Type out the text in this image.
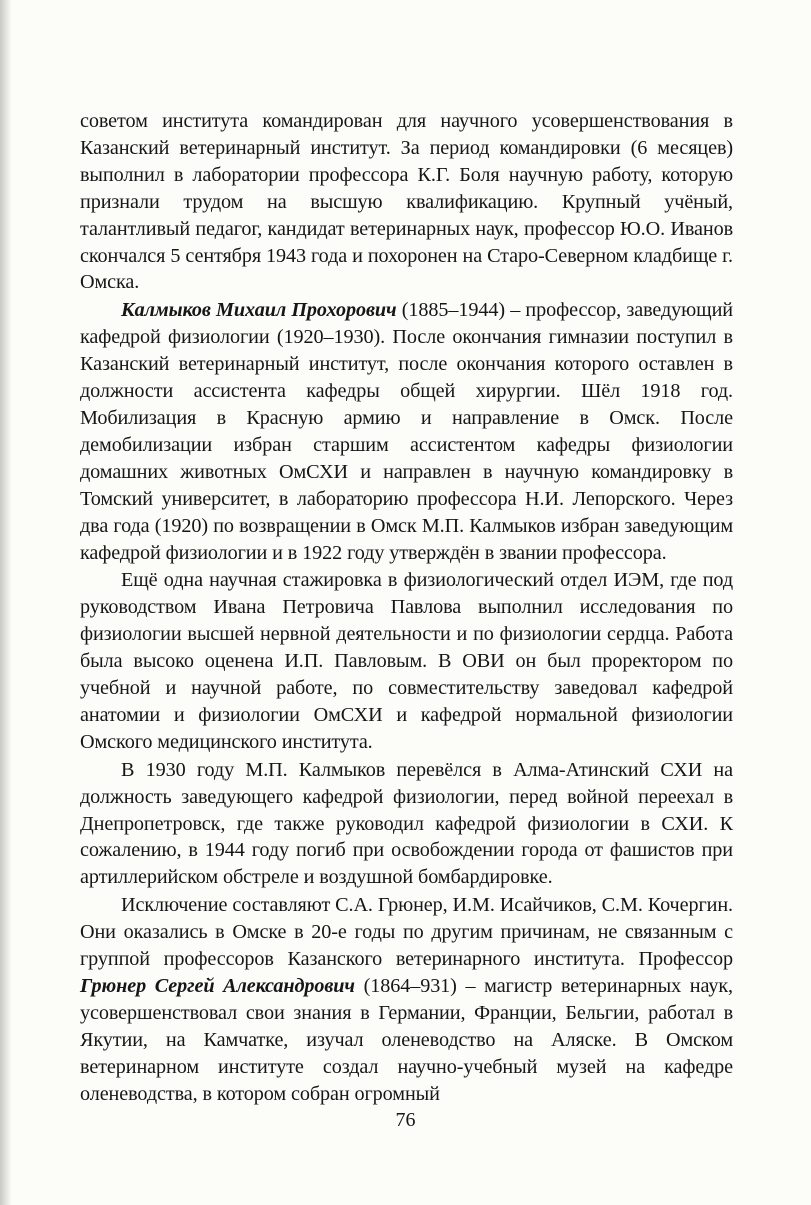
советом института командирован для научного усовершенствования в Казанский ветеринарный институт. За период командировки (6 месяцев) выполнил в лаборатории профессора К.Г. Боля научную работу, которую признали трудом на высшую квалификацию. Крупный учёный, талантливый педагог, кандидат ветеринарных наук, профессор Ю.О. Иванов скончался 5 сентября 1943 года и похоронен на Старо-Северном кладбище г. Омска.

Калмыков Михаил Прохорович (1885–1944) – профессор, заведующий кафедрой физиологии (1920–1930). После окончания гимназии поступил в Казанский ветеринарный институт, после окончания которого оставлен в должности ассистента кафедры общей хирургии. Шёл 1918 год. Мобилизация в Красную армию и направление в Омск. После демобилизации избран старшим ассистентом кафедры физиологии домашних животных ОмСХИ и направлен в научную командировку в Томский университет, в лабораторию профессора Н.И. Лепорского. Через два года (1920) по возвращении в Омск М.П. Калмыков избран заведующим кафедрой физиологии и в 1922 году утверждён в звании профессора.

Ещё одна научная стажировка в физиологический отдел ИЭМ, где под руководством Ивана Петровича Павлова выполнил исследования по физиологии высшей нервной деятельности и по физиологии сердца. Работа была высоко оценена И.П. Павловым. В ОВИ он был проректором по учебной и научной работе, по совместительству заведовал кафедрой анатомии и физиологии ОмСХИ и кафедрой нормальной физиологии Омского медицинского института.

В 1930 году М.П. Калмыков перевёлся в Алма-Атинский СХИ на должность заведующего кафедрой физиологии, перед войной переехал в Днепропетровск, где также руководил кафедрой физиологии в СХИ. К сожалению, в 1944 году погиб при освобождении города от фашистов при артиллерийском обстреле и воздушной бомбардировке.

Исключение составляют С.А. Грюнер, И.М. Исайчиков, С.М. Кочергин. Они оказались в Омске в 20-е годы по другим причинам, не связанным с группой профессоров Казанского ветеринарного института. Профессор Грюнер Сергей Александрович (1864–931) – магистр ветеринарных наук, усовершенствовал свои знания в Германии, Франции, Бельгии, работал в Якутии, на Камчатке, изучал оленеводство на Аляске. В Омском ветеринарном институте создал научно-учебный музей на кафедре оленеводства, в котором собран огромный

76
